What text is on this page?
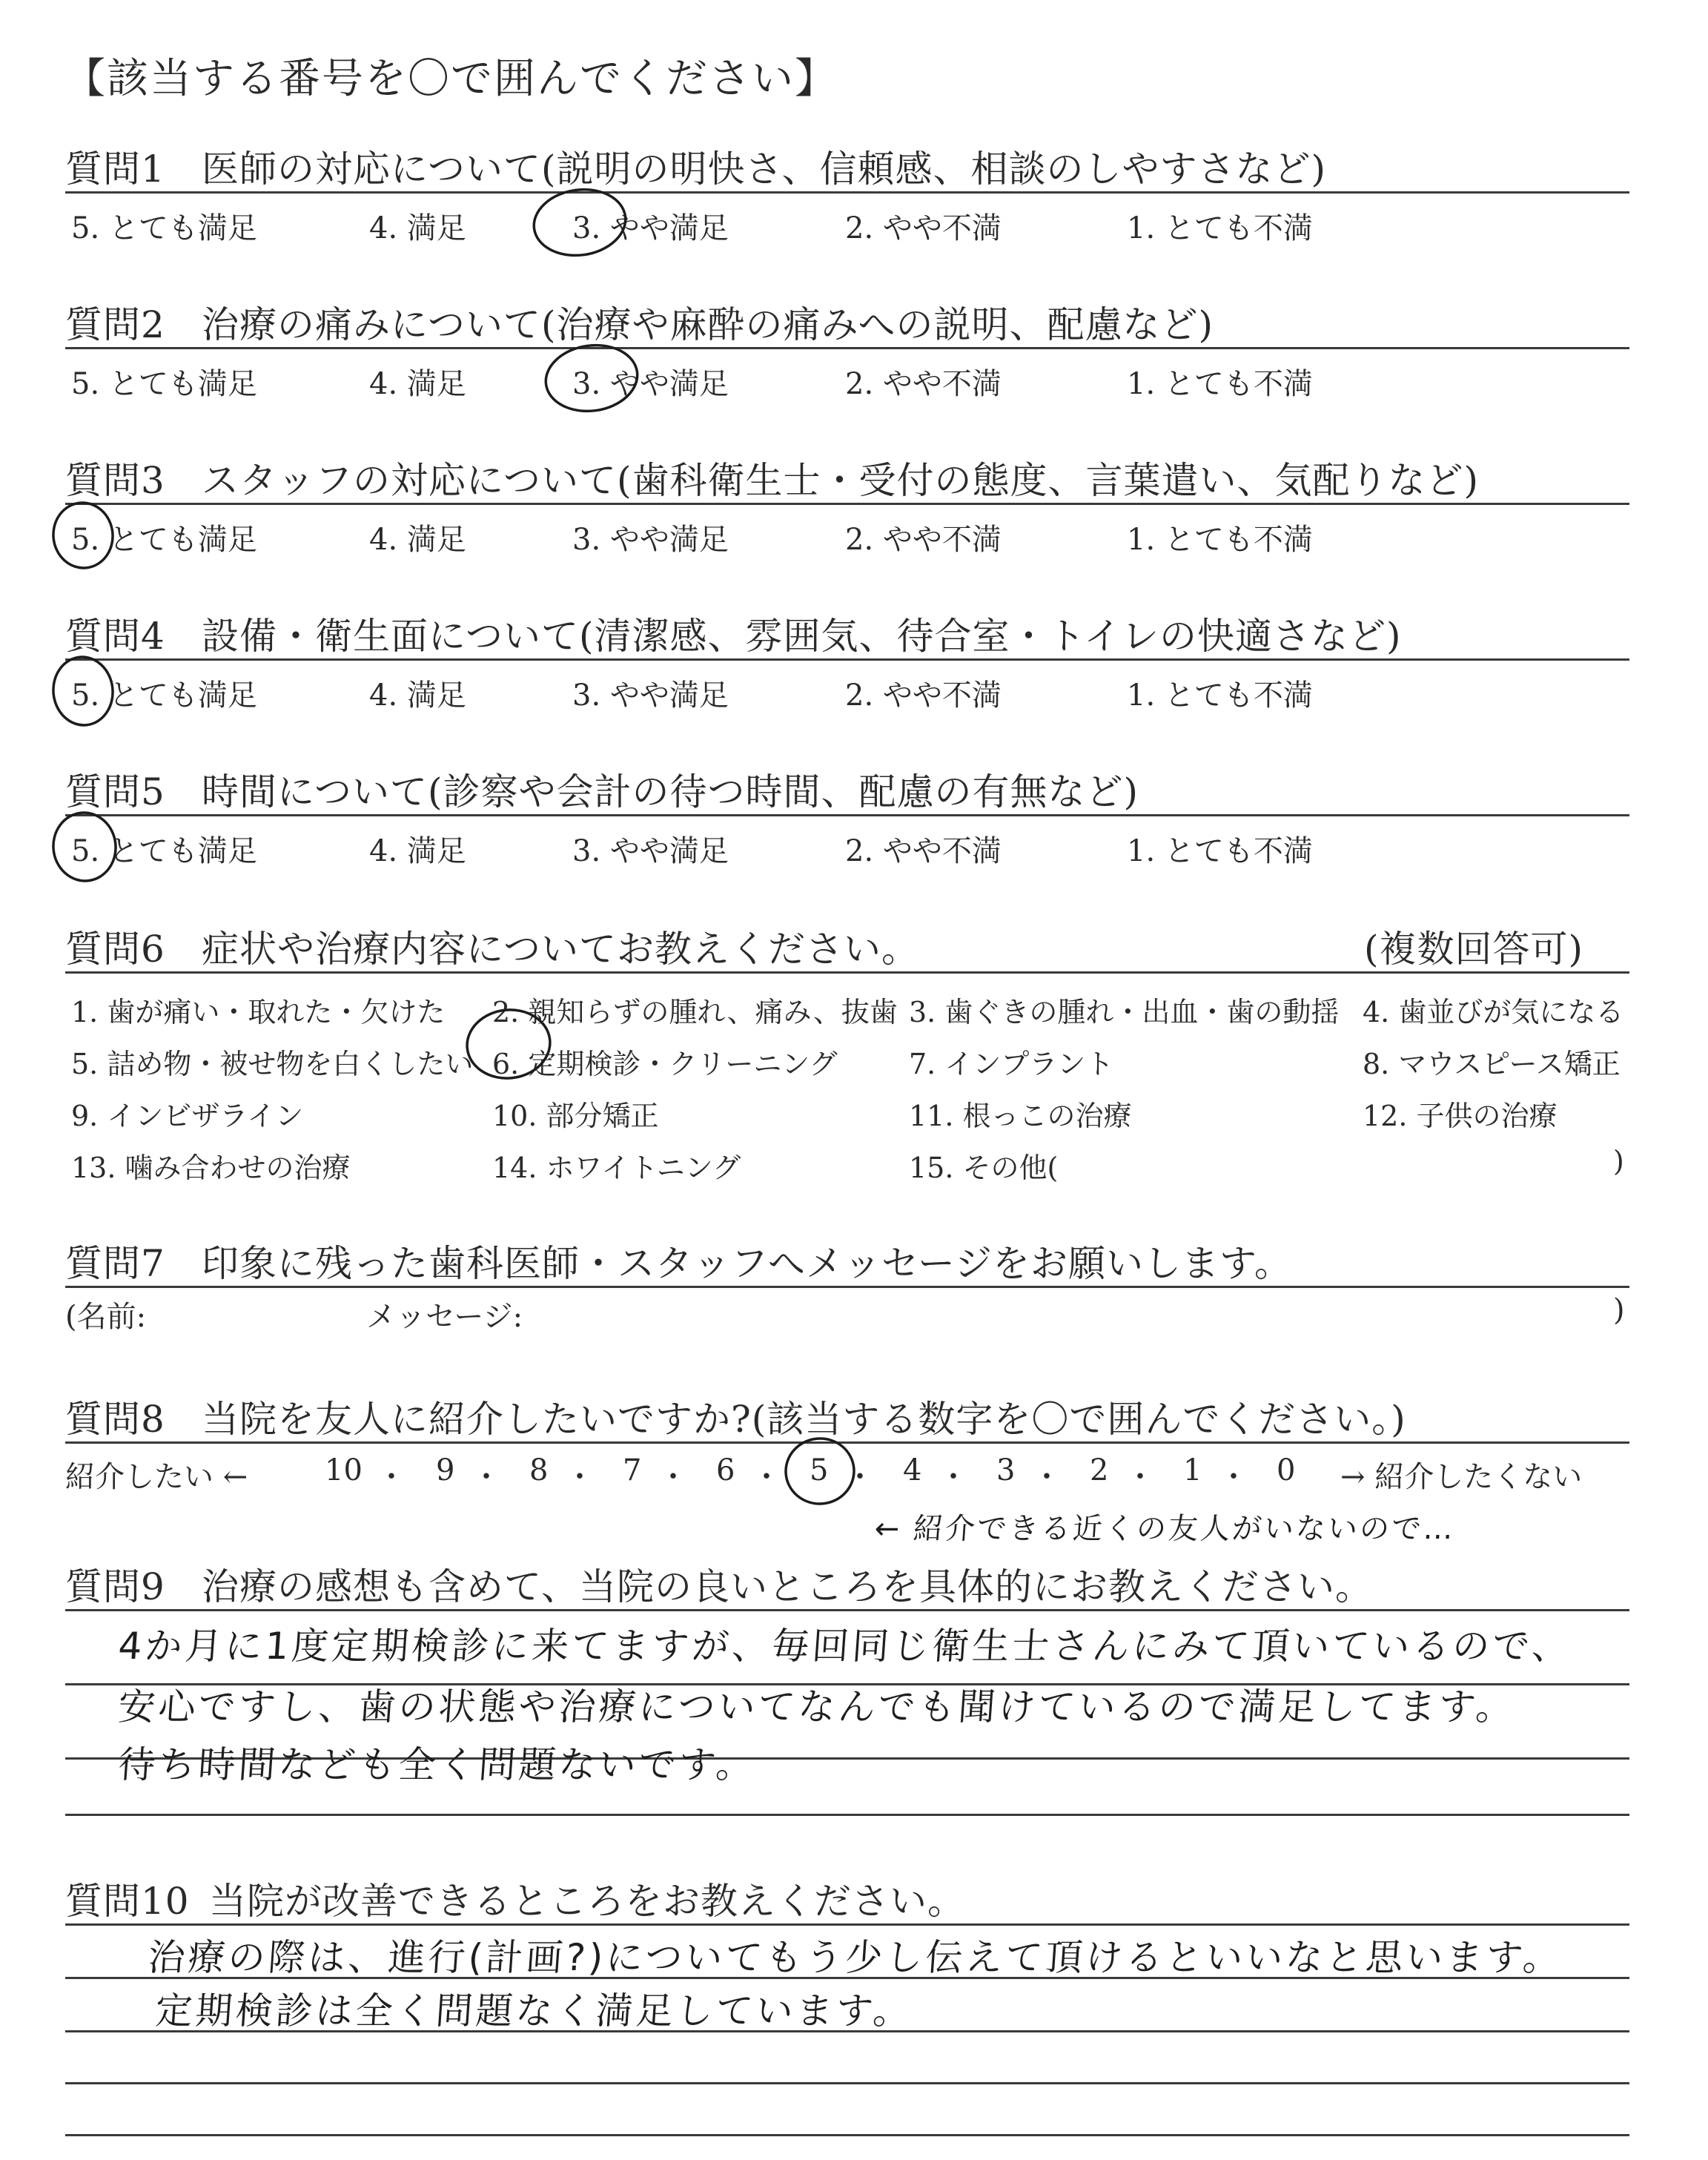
【該当する番号を〇で囲んでください】
質問1 医師の対応について(説明の明快さ、信頼感、相談のしやすさなど)
5. とても満足	4. 満足	3. やや満足	2. やや不満	1. とても不満
質問2 治療の痛みについて(治療や麻酔の痛みへの説明、配慮など)
5. とても満足	4. 満足	3. やや満足	2. やや不満	1. とても不満
質問3 スタッフの対応について(歯科衛生士・受付の態度、言葉遣い、気配りなど)
5. とても満足	4. 満足	3. やや満足	2. やや不満	1. とても不満
質問4 設備・衛生面について(清潔感、雰囲気、待合室・トイレの快適さなど)
5. とても満足	4. 満足	3. やや満足	2. やや不満	1. とても不満
質問5 時間について(診察や会計の待つ時間、配慮の有無など)
5. とても満足	4. 満足	3. やや満足	2. やや不満	1. とても不満
質問6 症状や治療内容についてお教えください。	(複数回答可)
1. 歯が痛い・取れた・欠けた 2. 親知らずの腫れ、痛み、抜歯 3. 歯ぐきの腫れ・出血・歯の動揺 4. 歯並びが気になる
5. 詰め物・被せ物を白くしたい 6. 定期検診・クリーニング	7. インプラント	8. マウスピース矯正
9. インビザライン	10. 部分矯正	11. 根っこの治療	12. 子供の治療
13. 噛み合わせの治療	14. ホワイトニング	15. その他(	)
質問7 印象に残った歯科医師・スタッフへメッセージをお願いします。
(名前:	メッセージ:	)
質問8 当院を友人に紹介したいですか?(該当する数字を〇で囲んでください。)
紹介したい ←	→ 紹介したくない
10 ・ 9 ・ 8 ・ 7 ・ 6 ・ 5 ・ 4 ・ 3 ・ 2 ・ 1 ・ 0
← 紹介できる近くの友人がいないので…
質問9 治療の感想も含めて、当院の良いところを具体的にお教えください。
4か月に1度定期検診に来てますが、毎回同じ衛生士さんにみて頂いているので、
安心ですし、歯の状態や治療についてなんでも聞けているので満足してます。
待ち時間なども全く問題ないです。
質問10 当院が改善できるところをお教えください。
治療の際は、進行(計画?)についてもう少し伝えて頂けるといいなと思います。
定期検診は全く問題なく満足しています。
